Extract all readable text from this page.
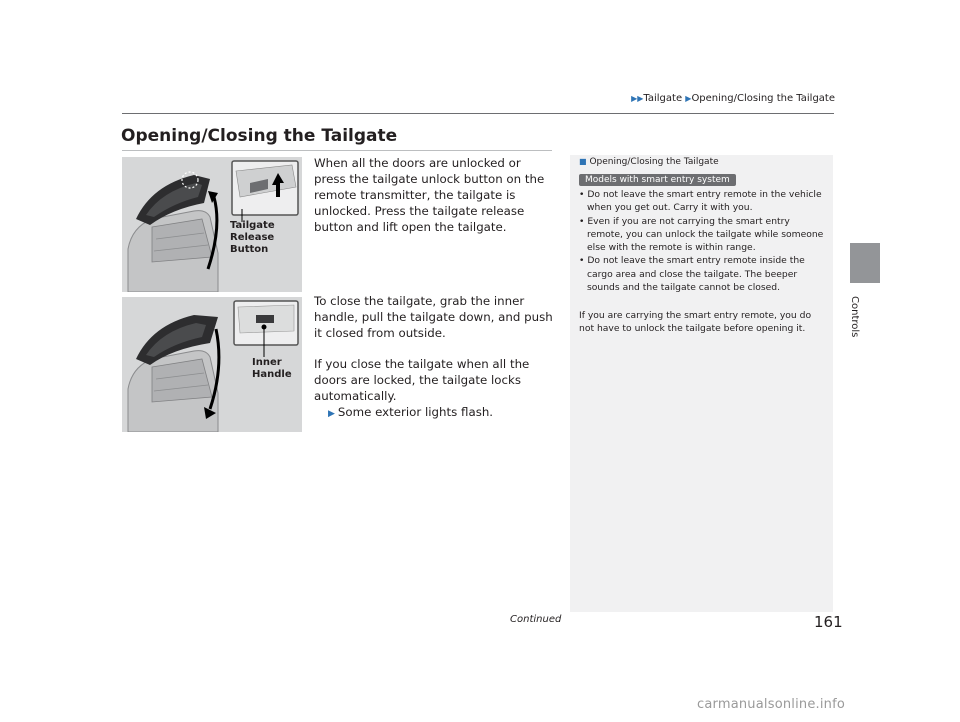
▶▶Tailgate ▶Opening/Closing the Tailgate
Opening/Closing the Tailgate
Controls
Tailgate
Release
Button
Inner
Handle

When all the doors are unlocked or press the tailgate unlock button on the remote transmitter, the tailgate is unlocked. Press the tailgate release button and lift open the tailgate.

To close the tailgate, grab the inner handle, pull the tailgate down, and push it closed from outside.

If you close the tailgate when all the doors are locked, the tailgate locks automatically.

▶ Some exterior lights flash.

■ Opening/Closing the Tailgate
Models with smart entry system
• Do not leave the smart entry remote in the vehicle when you get out. Carry it with you.
• Even if you are not carrying the smart entry remote, you can unlock the tailgate while someone else with the remote is within range.
• Do not leave the smart entry remote inside the cargo area and close the tailgate. The beeper sounds and the tailgate cannot be closed.
If you are carrying the smart entry remote, you do not have to unlock the tailgate before opening it.
Continued	161
carmanualsonline.info
